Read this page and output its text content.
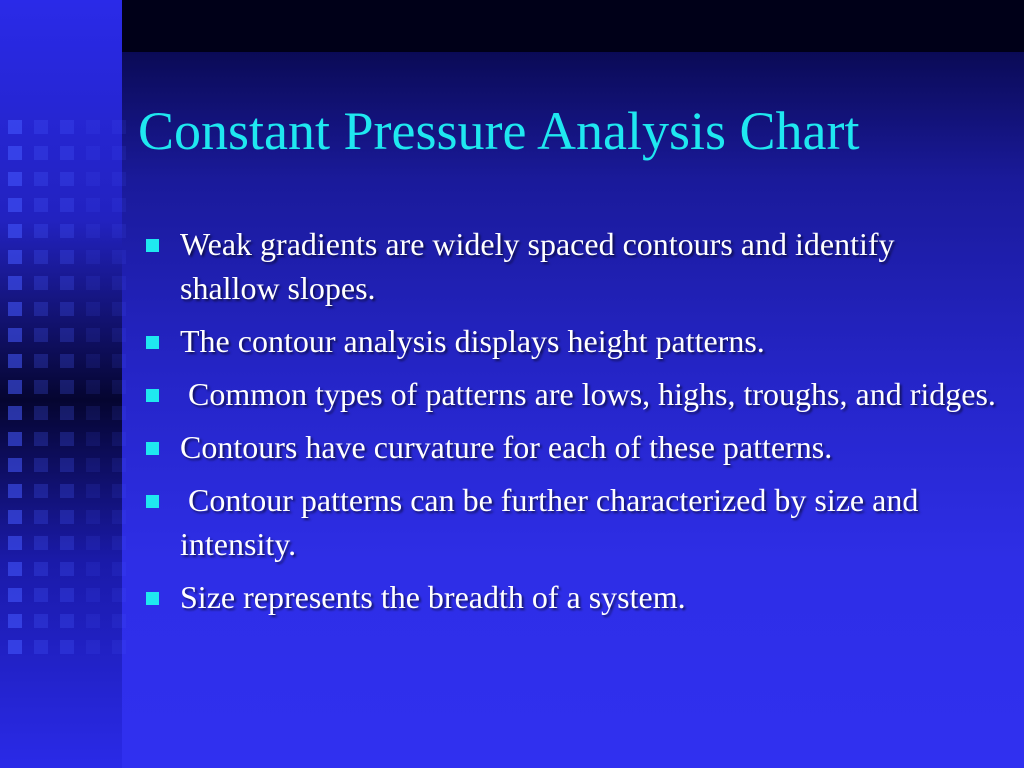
Constant Pressure Analysis Chart
Weak gradients are widely spaced contours and identify shallow slopes.
The contour analysis displays height patterns.
Common types of patterns are lows, highs, troughs, and ridges.
Contours have curvature for each of these patterns.
Contour patterns can be further characterized by size and intensity.
Size represents the breadth of a system.
